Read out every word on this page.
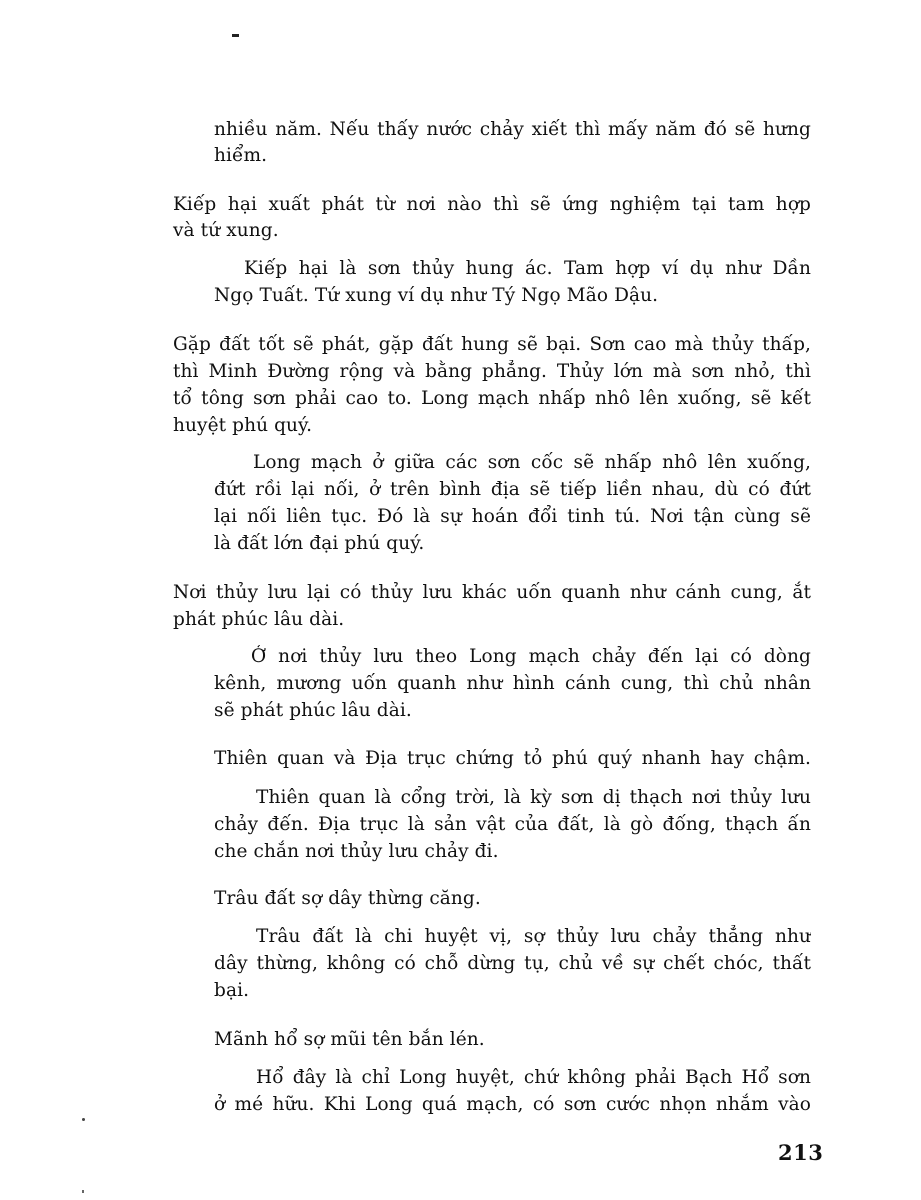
nhiều năm. Nếu thấy nước chảy xiết thì mấy năm đó sẽ hưng
hiểm.
Kiếp hại xuất phát từ nơi nào thì sẽ ứng nghiệm tại tam hợp
và tứ xung.
Kiếp hại là sơn thủy hung ác. Tam hợp ví dụ như Dần
Ngọ Tuất. Tứ xung ví dụ như Tý Ngọ Mão Dậu.
Gặp đất tốt sẽ phát, gặp đất hung sẽ bại. Sơn cao mà thủy thấp,
thì Minh Đường rộng và bằng phẳng. Thủy lớn mà sơn nhỏ, thì
tổ tông sơn phải cao to. Long mạch nhấp nhô lên xuống, sẽ kết
huyệt phú quý.
Long mạch ở giữa các sơn cốc sẽ nhấp nhô lên xuống,
đứt rồi lại nối, ở trên bình địa sẽ tiếp liền nhau, dù có đứt
lại nối liên tục. Đó là sự hoán đổi tinh tú. Nơi tận cùng sẽ
là đất lớn đại phú quý.
Nơi thủy lưu lại có thủy lưu khác uốn quanh như cánh cung, ắt
phát phúc lâu dài.
Ở nơi thủy lưu theo Long mạch chảy đến lại có dòng
kênh, mương uốn quanh như hình cánh cung, thì chủ nhân
sẽ phát phúc lâu dài.
Thiên quan và Địa trục chứng tỏ phú quý nhanh hay chậm.
Thiên quan là cổng trời, là kỳ sơn dị thạch nơi thủy lưu
chảy đến. Địa trục là sản vật của đất, là gò đống, thạch ấn
che chắn nơi thủy lưu chảy đi.
Trâu đất sợ dây thừng căng.
Trâu đất là chi huyệt vị, sợ thủy lưu chảy thẳng như
dây thừng, không có chỗ dừng tụ, chủ về sự chết chóc, thất
bại.
Mãnh hổ sợ mũi tên bắn lén.
Hổ đây là chỉ Long huyệt, chứ không phải Bạch Hổ sơn
ở mé hữu. Khi Long quá mạch, có sơn cước nhọn nhắm vào
213
